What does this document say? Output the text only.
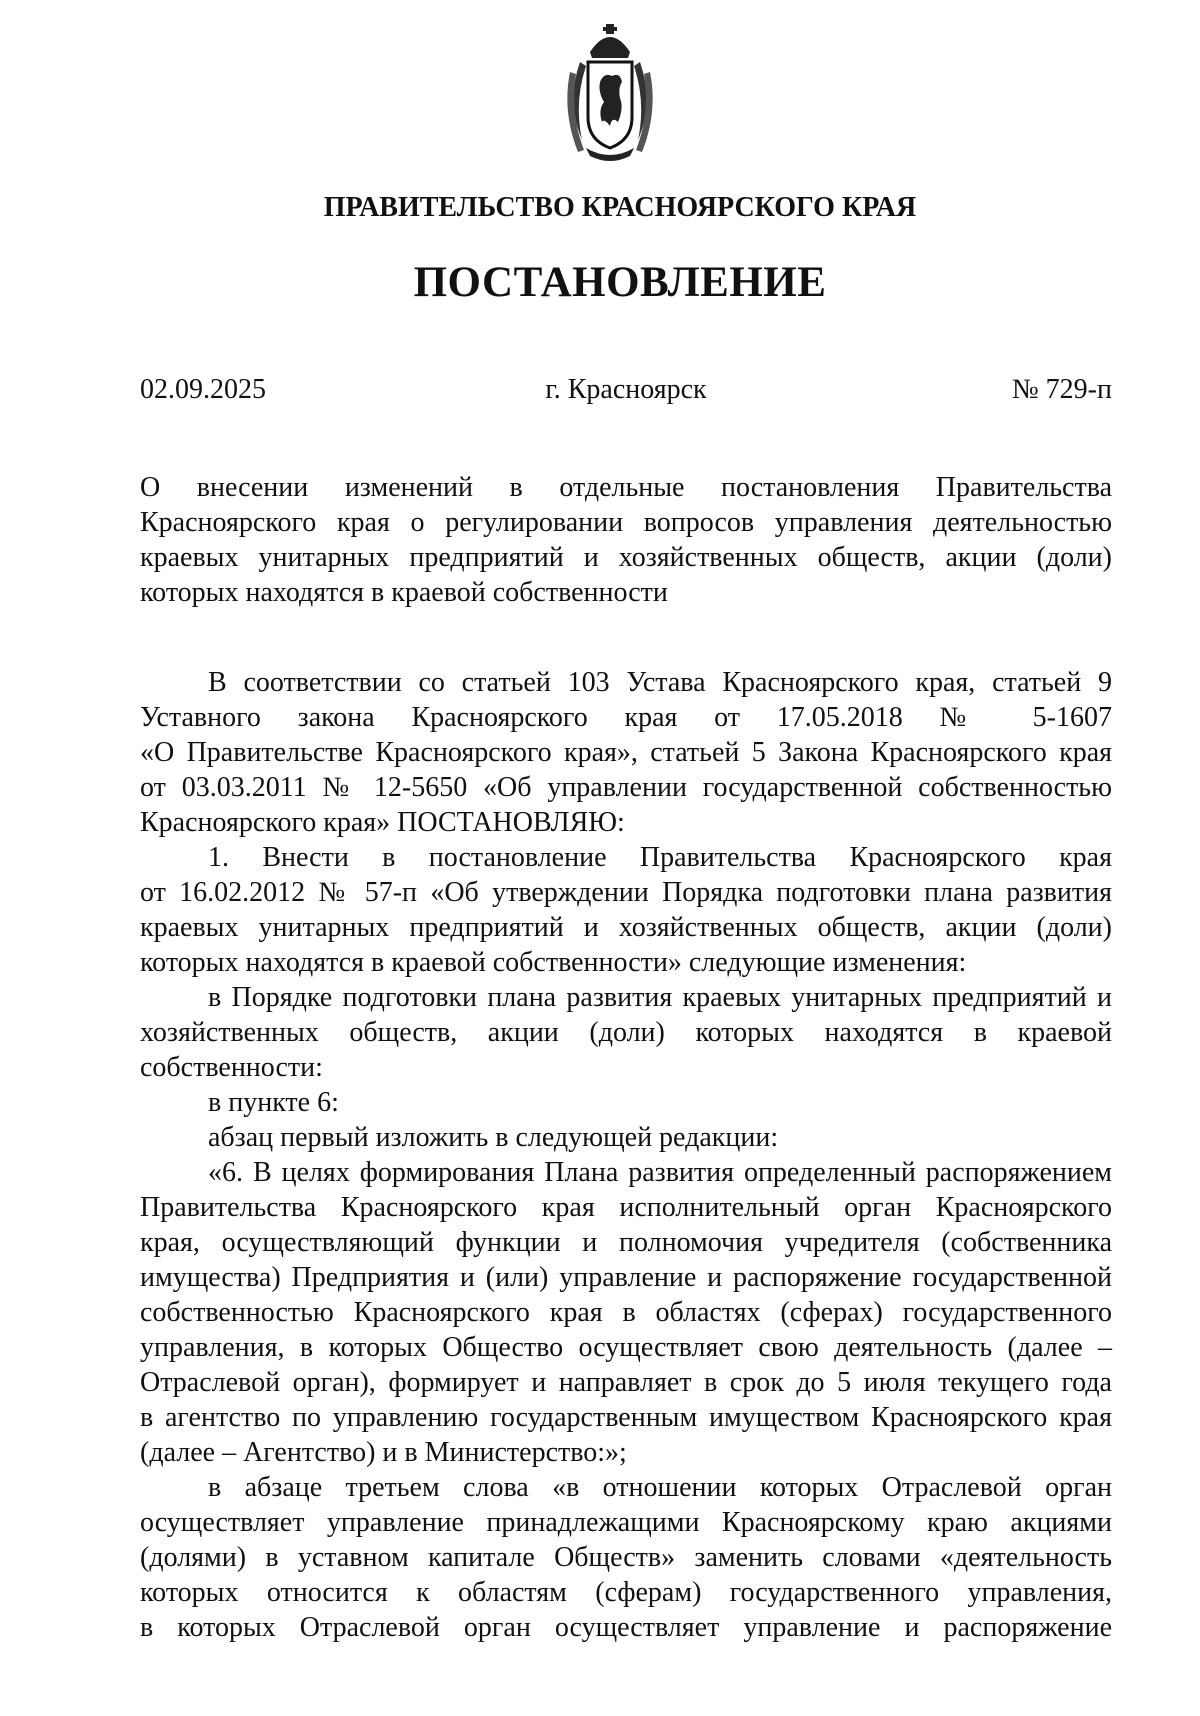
ПРАВИТЕЛЬСТВО КРАСНОЯРСКОГО КРАЯ
ПОСТАНОВЛЕНИЕ
02.09.2025	г. Красноярск	№ 729-п
О внесении изменений в отдельные постановления Правительства
Красноярского края о регулировании вопросов управления деятельностью
краевых унитарных предприятий и хозяйственных обществ, акции (доли)
которых находятся в краевой собственности
В соответствии со статьей 103 Устава Красноярского края, статьей 9
Уставного закона Красноярского края от 17.05.2018 № 5-1607
«О Правительстве Красноярского края», статьей 5 Закона Красноярского края
от 03.03.2011 № 12-5650 «Об управлении государственной собственностью
Красноярского края» ПОСТАНОВЛЯЮ:
1. Внести в постановление Правительства Красноярского края
от 16.02.2012 № 57-п «Об утверждении Порядка подготовки плана развития
краевых унитарных предприятий и хозяйственных обществ, акции (доли)
которых находятся в краевой собственности» следующие изменения:
в Порядке подготовки плана развития краевых унитарных предприятий и
хозяйственных обществ, акции (доли) которых находятся в краевой
собственности:
в пункте 6:
абзац первый изложить в следующей редакции:
«6. В целях формирования Плана развития определенный распоряжением
Правительства Красноярского края исполнительный орган Красноярского
края, осуществляющий функции и полномочия учредителя (собственника
имущества) Предприятия и (или) управление и распоряжение государственной
собственностью Красноярского края в областях (сферах) государственного
управления, в которых Общество осуществляет свою деятельность (далее –
Отраслевой орган), формирует и направляет в срок до 5 июля текущего года
в агентство по управлению государственным имуществом Красноярского края
(далее – Агентство) и в Министерство:»;
в абзаце третьем слова «в отношении которых Отраслевой орган
осуществляет управление принадлежащими Красноярскому краю акциями
(долями) в уставном капитале Обществ» заменить словами «деятельность
которых относится к областям (сферам) государственного управления,
в которых Отраслевой орган осуществляет управление и распоряжение
